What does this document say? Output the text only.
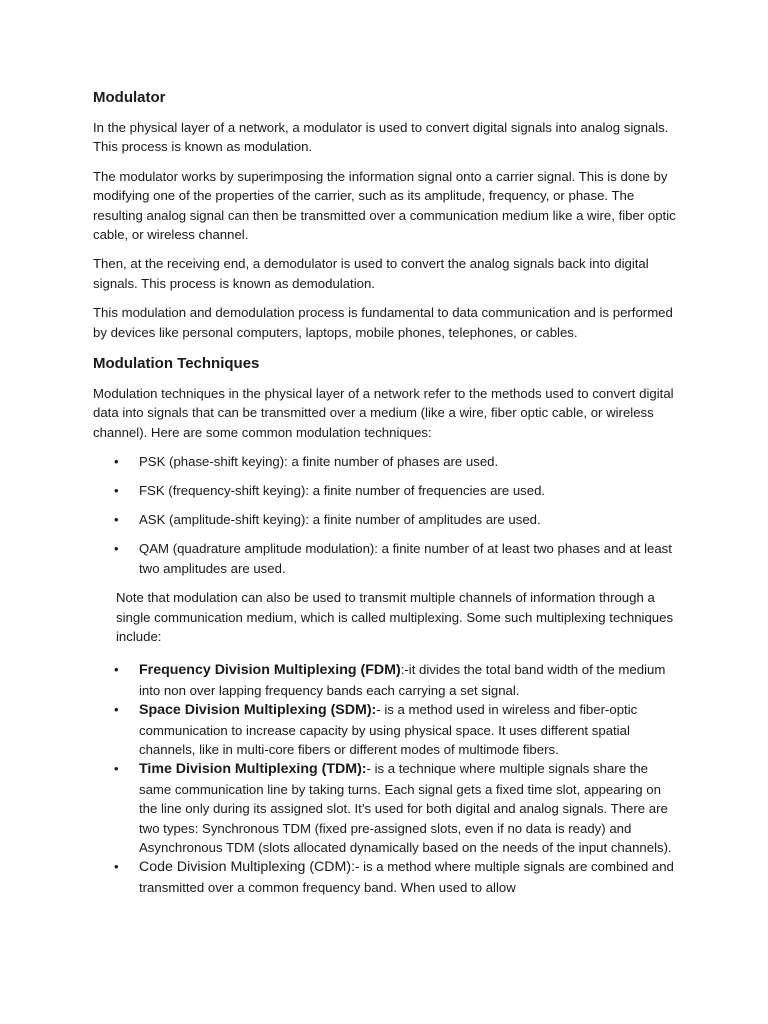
Modulator

In the physical layer of a network, a modulator is used to convert digital signals into analog signals. This process is known as modulation.

The modulator works by superimposing the information signal onto a carrier signal. This is done by modifying one of the properties of the carrier, such as its amplitude, frequency, or phase. The resulting analog signal can then be transmitted over a communication medium like a wire, fiber optic cable, or wireless channel.

Then, at the receiving end, a demodulator is used to convert the analog signals back into digital signals. This process is known as demodulation.

This modulation and demodulation process is fundamental to data communication and is performed by devices like personal computers, laptops, mobile phones, telephones, or cables.

Modulation Techniques

Modulation techniques in the physical layer of a network refer to the methods used to convert digital data into signals that can be transmitted over a medium (like a wire, fiber optic cable, or wireless channel). Here are some common modulation techniques:

• PSK (phase-shift keying): a finite number of phases are used.
• FSK (frequency-shift keying): a finite number of frequencies are used.
• ASK (amplitude-shift keying): a finite number of amplitudes are used.
• QAM (quadrature amplitude modulation): a finite number of at least two phases and at least two amplitudes are used.

Note that modulation can also be used to transmit multiple channels of information through a single communication medium, which is called multiplexing. Some such multiplexing techniques include:

• Frequency Division Multiplexing (FDM):-it divides the total band width of the medium into non over lapping frequency bands each carrying a set signal.
• Space Division Multiplexing (SDM):- is a method used in wireless and fiber-optic communication to increase capacity by using physical space. It uses different spatial channels, like in multi-core fibers or different modes of multimode fibers.
• Time Division Multiplexing (TDM):- is a technique where multiple signals share the same communication line by taking turns. Each signal gets a fixed time slot, appearing on the line only during its assigned slot. It’s used for both digital and analog signals. There are two types: Synchronous TDM (fixed pre-assigned slots, even if no data is ready) and Asynchronous TDM (slots allocated dynamically based on the needs of the input channels).
• Code Division Multiplexing (CDM):- is a method where multiple signals are combined and transmitted over a common frequency band. When used to allow
